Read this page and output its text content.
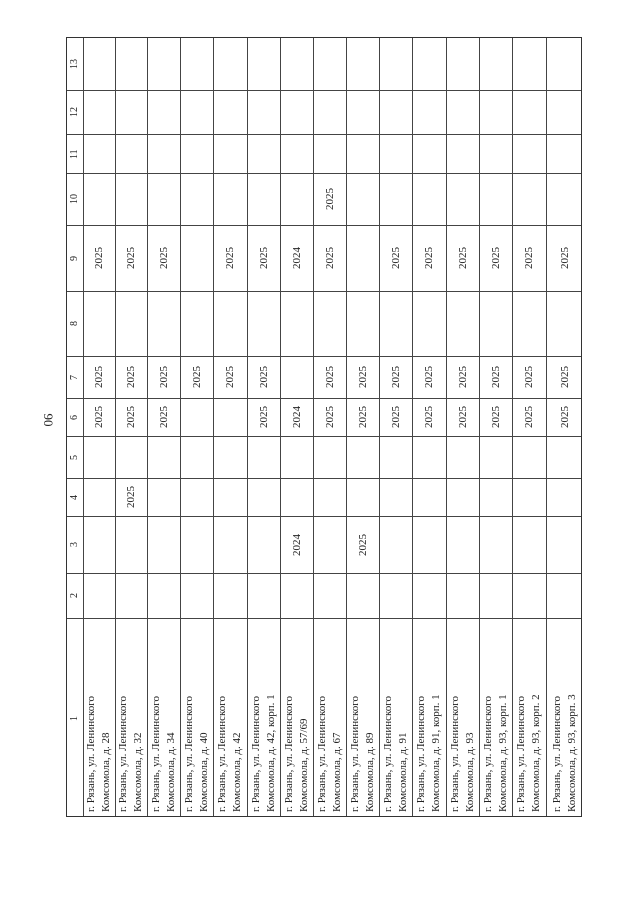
90
1
2
3
4
5
6
7
8
9
10
11
12
13
г. Рязань, ул. Ленинского Комсомола, д. 28
2025
2025
2025
г. Рязань, ул. Ленинского Комсомола, д. 32
2025
2025
2025
2025
г. Рязань, ул. Ленинского Комсомола, д. 34
2025
2025
2025
г. Рязань, ул. Ленинского Комсомола, д. 40
2025
г. Рязань, ул. Ленинского Комсомола, д. 42
2025
2025
г. Рязань, ул. Ленинского Комсомола, д. 42, корп. 1
2025
2025
2025
г. Рязань, ул. Ленинского Комсомола, д. 57/69
2024
2024
2024
г. Рязань, ул. Ленинского Комсомола, д. 67
2025
2025
2025
2025
г. Рязань, ул. Ленинского Комсомола, д. 89
2025
2025
2025
г. Рязань, ул. Ленинского Комсомола, д. 91
2025
2025
2025
г. Рязань, ул. Ленинского Комсомола, д. 91, корп. 1
2025
2025
2025
г. Рязань, ул. Ленинского Комсомола, д. 93
2025
2025
2025
г. Рязань, ул. Ленинского Комсомола, д. 93, корп. 1
2025
2025
2025
г. Рязань, ул. Ленинского Комсомола, д. 93, корп. 2
2025
2025
2025
г. Рязань, ул. Ленинского Комсомола, д. 93, корп. 3
2025
2025
2025
